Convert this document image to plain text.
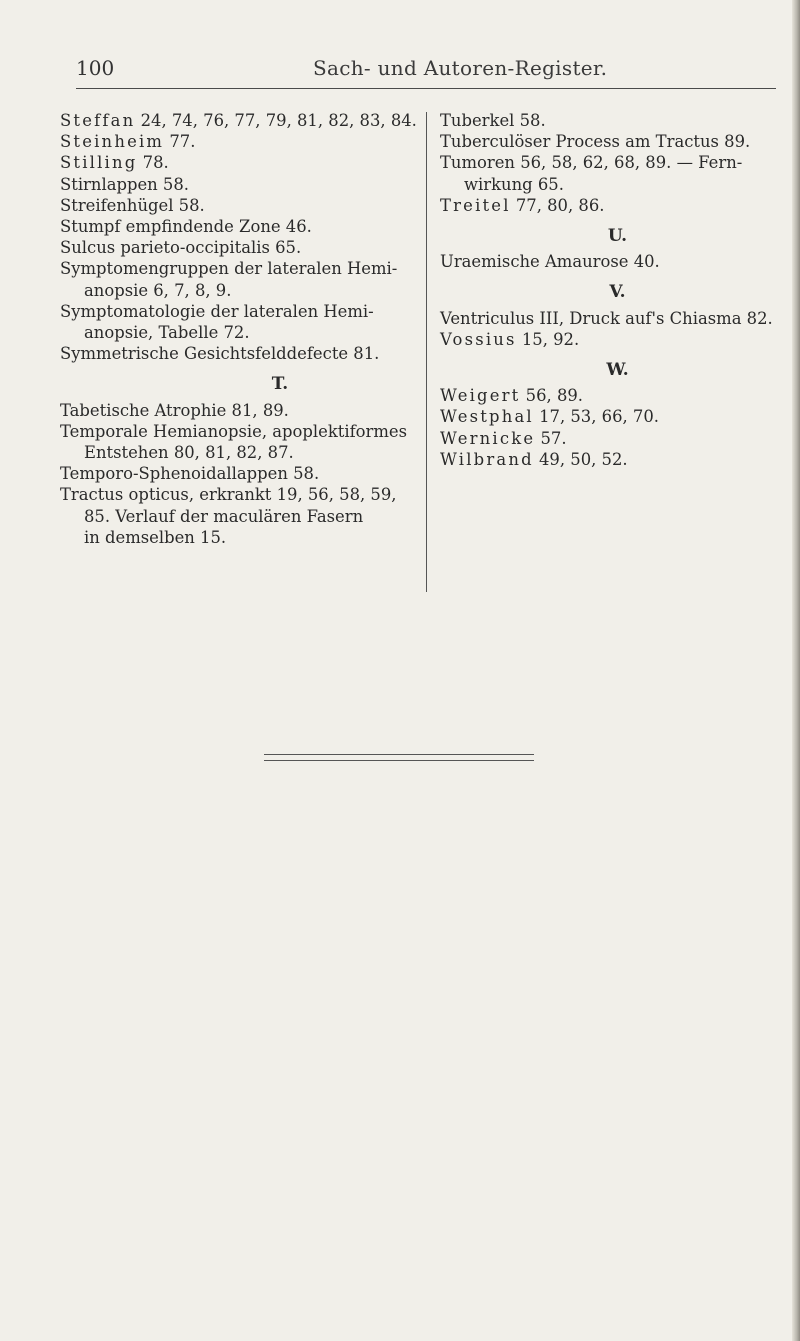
100	Sach- und Autoren-Register.

Steffan 24, 74, 76, 77, 79, 81, 82, 83, 84.

Steinheim 77.

Stilling 78.

Stirnlappen 58.

Streifenhügel 58.

Stumpf empfindende Zone 46.

Sulcus parieto-occipitalis 65.

Symptomengruppen der lateralen Hemi-
anopsie 6, 7, 8, 9.

Symptomatologie der lateralen Hemi-
anopsie, Tabelle 72.

Symmetrische Gesichtsfelddefecte 81.

T.

Tabetische Atrophie 81, 89.

Temporale Hemianopsie, apoplektiformes
Entstehen 80, 81, 82, 87.

Temporo-Sphenoidallappen 58.

Tractus opticus, erkrankt 19, 56, 58, 59,
85. Verlauf der maculären Fasern
in demselben 15.

Tuberkel 58.

Tuberculöser Process am Tractus 89.

Tumoren 56, 58, 62, 68, 89. — Fern-
wirkung 65.

Treitel 77, 80, 86.

U.

Uraemische Amaurose 40.

V.

Ventriculus III, Druck auf's Chiasma 82.

Vossius 15, 92.

W.

Weigert 56, 89.

Westphal 17, 53, 66, 70.

Wernicke 57.

Wilbrand 49, 50, 52.
